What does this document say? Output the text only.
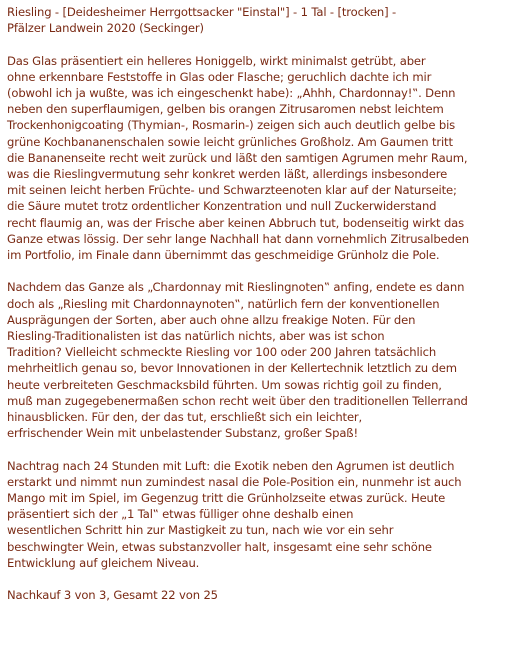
Riesling - [Deidesheimer Herrgottsacker "Einstal"] - 1 Tal - [trocken] -
Pfälzer Landwein 2020 (Seckinger)

Das Glas präsentiert ein helleres Honiggelb, wirkt minimalst getrübt, aber
ohne erkennbare Feststoffe in Glas oder Flasche; geruchlich dachte ich mir
(obwohl ich ja wußte, was ich eingeschenkt habe): „Ahhh, Chardonnay!‟. Denn
neben den superflaumigen, gelben bis orangen Zitrusaromen nebst leichtem
Trockenhonigcoating (Thymian-, Rosmarin-) zeigen sich auch deutlich gelbe bis
grüne Kochbananenschalen sowie leicht grünliches Großholz. Am Gaumen tritt
die Bananenseite recht weit zurück und läßt den samtigen Agrumen mehr Raum,
was die Rieslingvermutung sehr konkret werden läßt, allerdings insbesondere
mit seinen leicht herben Früchte- und Schwarzteenoten klar auf der Naturseite;
die Säure mutet trotz ordentlicher Konzentration und null Zuckerwiderstand
recht flaumig an, was der Frische aber keinen Abbruch tut, bodenseitig wirkt das
Ganze etwas lössig. Der sehr lange Nachhall hat dann vornehmlich Zitrusalbeden
im Portfolio, im Finale dann übernimmt das geschmeidige Grünholz die Pole.

Nachdem das Ganze als „Chardonnay mit Rieslingnoten‟ anfing, endete es dann
doch als „Riesling mit Chardonnaynoten‟, natürlich fern der konventionellen
Ausprägungen der Sorten, aber auch ohne allzu freakige Noten. Für den
Riesling-Traditionalisten ist das natürlich nichts, aber was ist schon
Tradition? Vielleicht schmeckte Riesling vor 100 oder 200 Jahren tatsächlich
mehrheitlich genau so, bevor Innovationen in der Kellertechnik letztlich zu dem
heute verbreiteten Geschmacksbild führten. Um sowas richtig goil zu finden,
muß man zugegebenermaßen schon recht weit über den traditionellen Tellerrand
hinausblicken. Für den, der das tut, erschließt sich ein leichter,
erfrischender Wein mit unbelastender Substanz, großer Spaß!

Nachtrag nach 24 Stunden mit Luft: die Exotik neben den Agrumen ist deutlich
erstarkt und nimmt nun zumindest nasal die Pole-Position ein, nunmehr ist auch
Mango mit im Spiel, im Gegenzug tritt die Grünholzseite etwas zurück. Heute
präsentiert sich der „1 Tal‟ etwas fülliger ohne deshalb einen
wesentlichen Schritt hin zur Mastigkeit zu tun, nach wie vor ein sehr
beschwingter Wein, etwas substanzvoller halt, insgesamt eine sehr schöne
Entwicklung auf gleichem Niveau.

Nachkauf 3 von 3, Gesamt 22 von 25
